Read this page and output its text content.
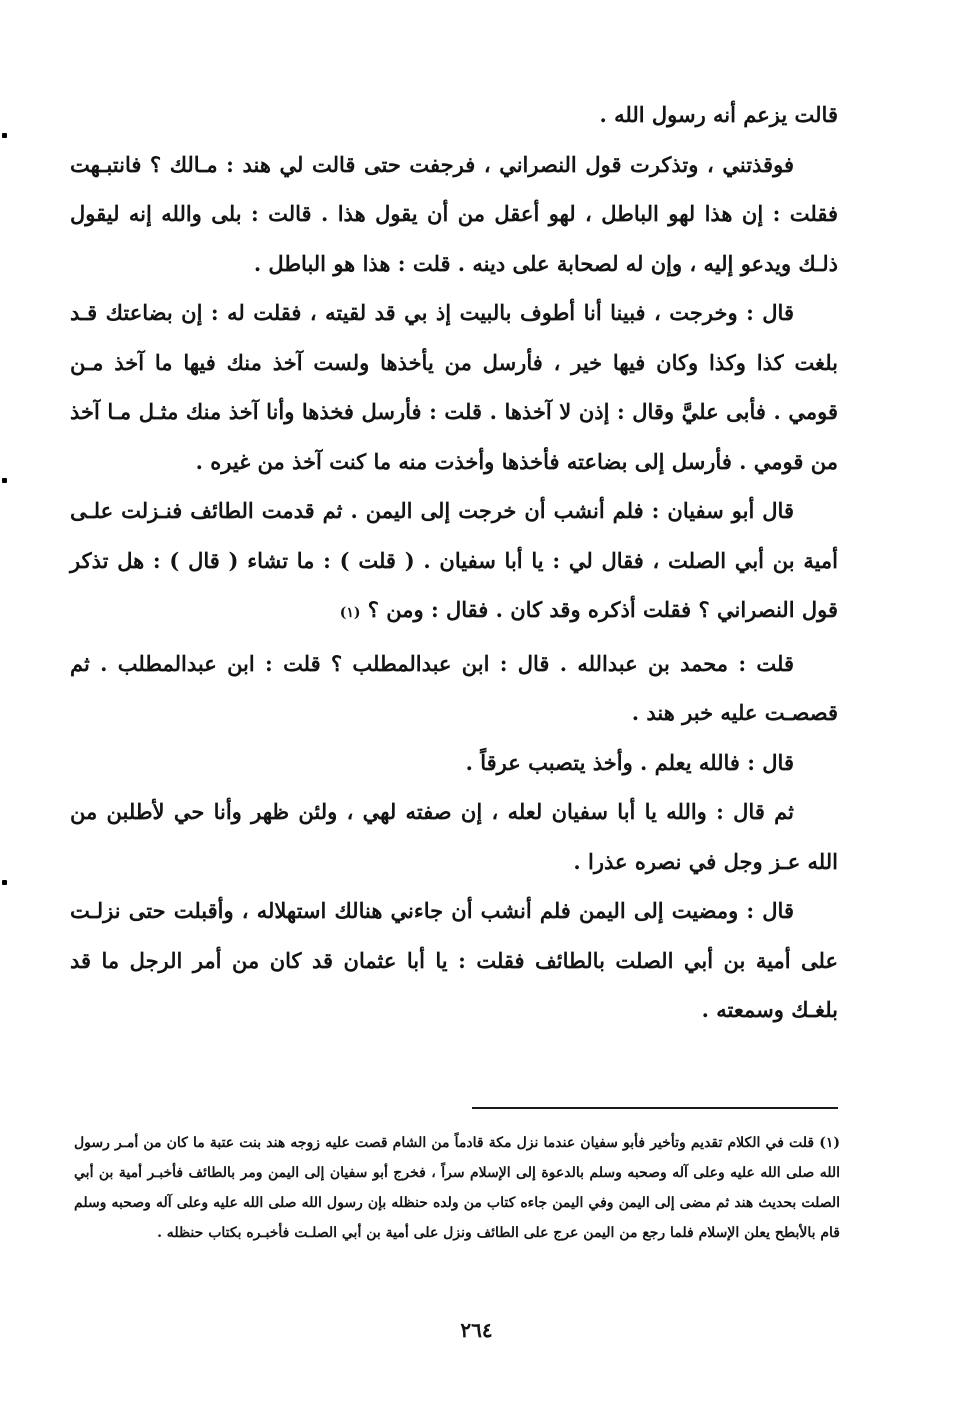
قالت يزعم أنه رسول الله .

فوقذتني ، وتذكرت قول النصراني ، فرجفت حتى قالت لي هند : مـالك ؟ فانتبـهت فقلت : إن هذا لهو الباطل ، لهو أعقل من أن يقول هذا . قالت : بلى والله إنه ليقول ذلـك ويدعو إليه ، وإن له لصحابة على دينه . قلت : هذا هو الباطل .

قال : وخرجت ، فبينا أنا أطوف بالبيت إذ بي قد لقيته ، فقلت له : إن بضاعتك قـد بلغت كذا وكذا وكان فيها خير ، فأرسل من يأخذها ولست آخذ منك فيها ما آخذ مـن قومي . فأبى عليَّ وقال : إذن لا آخذها . قلت : فأرسل فخذها وأنا آخذ منك مثـل مـا آخذ من قومي . فأرسل إلى بضاعته فأخذها وأخذت منه ما كنت آخذ من غيره .

قال أبو سفيان : فلم أنشب أن خرجت إلى اليمن . ثم قدمت الطائف فنـزلت علـى أمية بن أبي الصلت ، فقال لي : يا أبا سفيان . ( قلت ) : ما تشاء ( قال ) : هل تذكر قول النصراني ؟ فقلت أذكره وقد كان . فقال : ومن ؟ (١)

قلت : محمد بن عبدالله . قال : ابن عبدالمطلب ؟ قلت : ابن عبدالمطلب . ثم قصصـت عليه خبر هند .

قال : فالله يعلم . وأخذ يتصبب عرقاً .

ثم قال : والله يا أبا سفيان لعله ، إن صفته لهي ، ولئن ظهر وأنا حي لأطلبن من الله عـز وجل في نصره عذرا .

قال : ومضيت إلى اليمن فلم أنشب أن جاءني هنالك استهلاله ، وأقبلت حتى نزلـت على أمية بن أبي الصلت بالطائف فقلت : يا أبا عثمان قد كان من أمر الرجل ما قد بلغـك وسمعته .

(١) قلت في الكلام تقديم وتأخير فأبو سفيان عندما نزل مكة قادماً من الشام قصت عليه زوجه هند بنت عتبة ما كان من أمـر رسول الله صلى الله عليه وعلى آله وصحبه وسلم بالدعوة إلى الإسلام سراً ، فخرج أبو سفيان إلى اليمن ومر بالطائف فأخبـر أمية بن أبي الصلت بحديث هند ثم مضى إلى اليمن وفي اليمن جاءه كتاب من ولده حنظله بإن رسول الله صلى الله عليه وعلى آله وصحبه وسلم قام بالأبطح يعلن الإسلام فلما رجع من اليمن عرج على الطائف ونزل على أمية بن أبي الصلـت فأخبـره بكتاب حنظله .

٢٦٤
